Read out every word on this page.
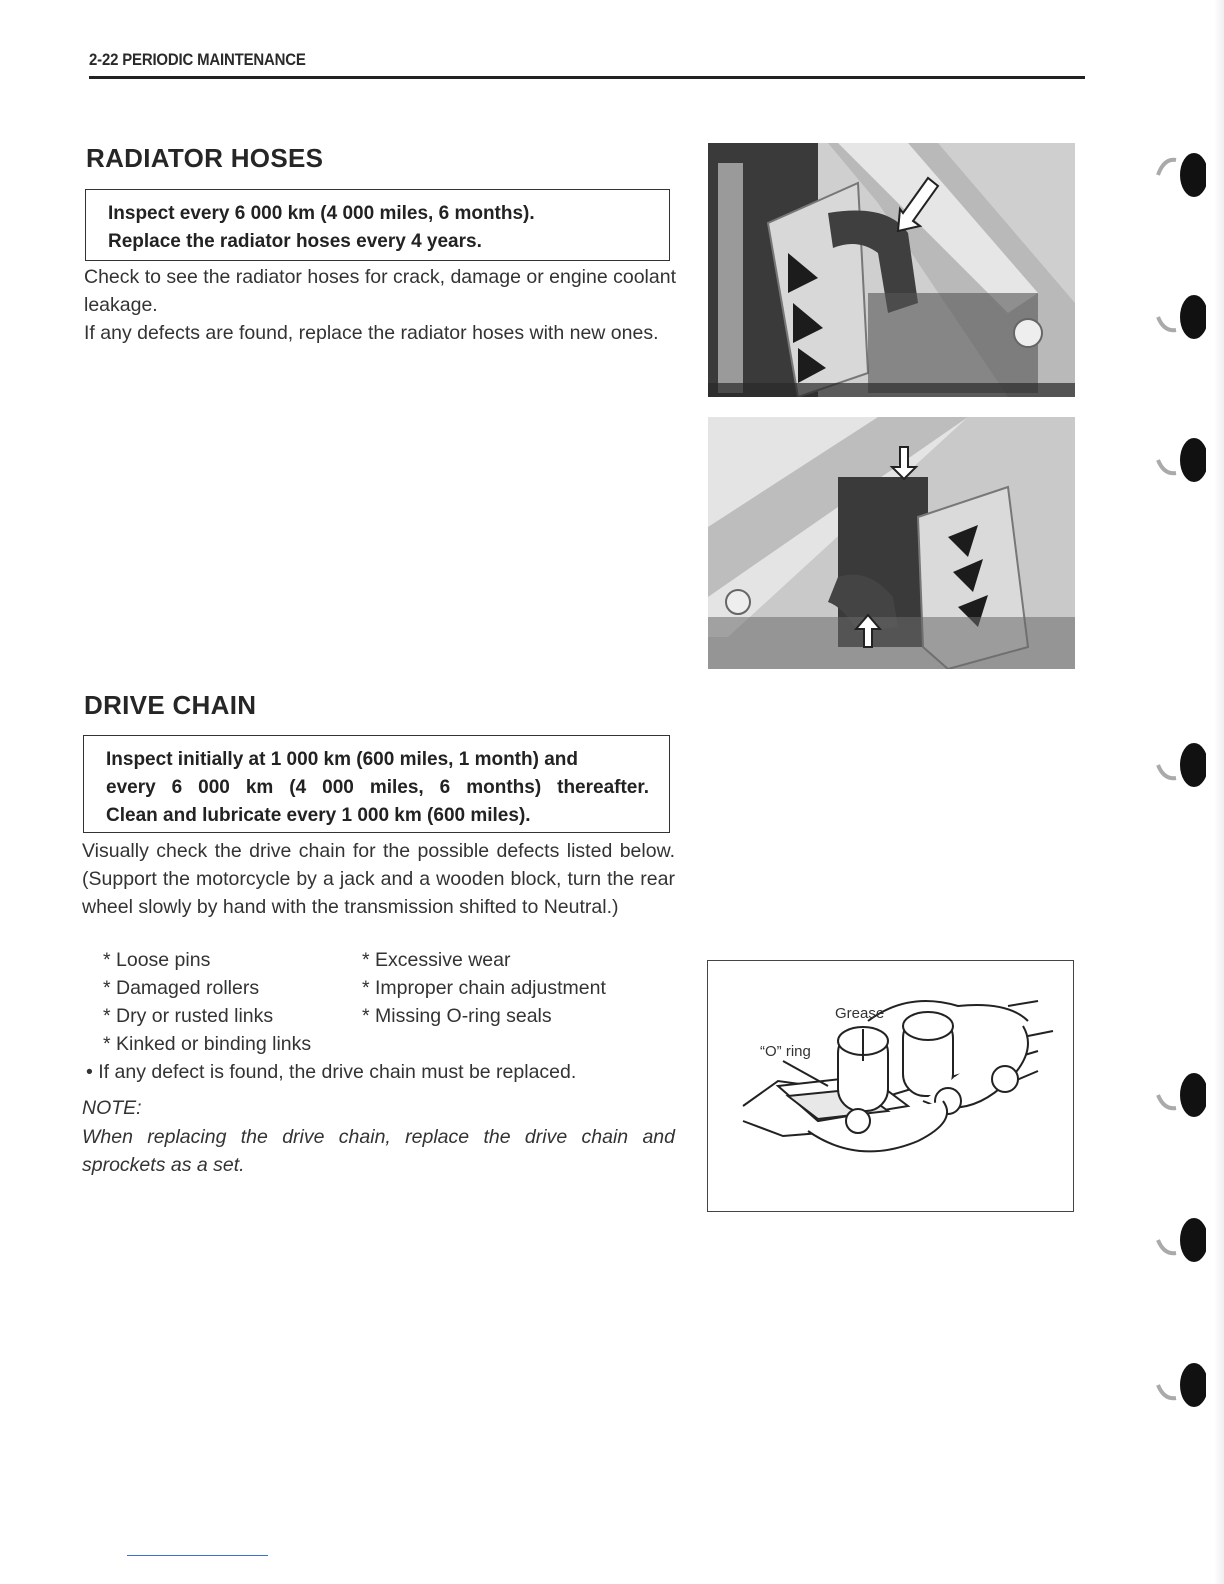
2-22 PERIODIC MAINTENANCE
RADIATOR HOSES
Inspect every 6 000 km (4 000 miles, 6 months).
Replace the radiator hoses every 4 years.
Check to see the radiator hoses for crack, damage or engine coolant leakage.
If any defects are found, replace the radiator hoses with new ones.
DRIVE CHAIN
Inspect initially at 1 000 km (600 miles, 1 month) and
every 6 000 km (4 000 miles, 6 months) thereafter.
Clean and lubricate every 1 000 km (600 miles).
Visually check the drive chain for the possible defects listed below. (Support the motorcycle by a jack and a wooden block, turn the rear wheel slowly by hand with the transmission shifted to Neutral.)
* Loose pins
* Damaged rollers
* Dry or rusted links
* Kinked or binding links
* Excessive wear
* Improper chain adjustment
* Missing O-ring seals
• If any defect is found, the drive chain must be replaced.
NOTE:
When replacing the drive chain, replace the drive chain and sprockets as a set.
Grease
“O” ring
